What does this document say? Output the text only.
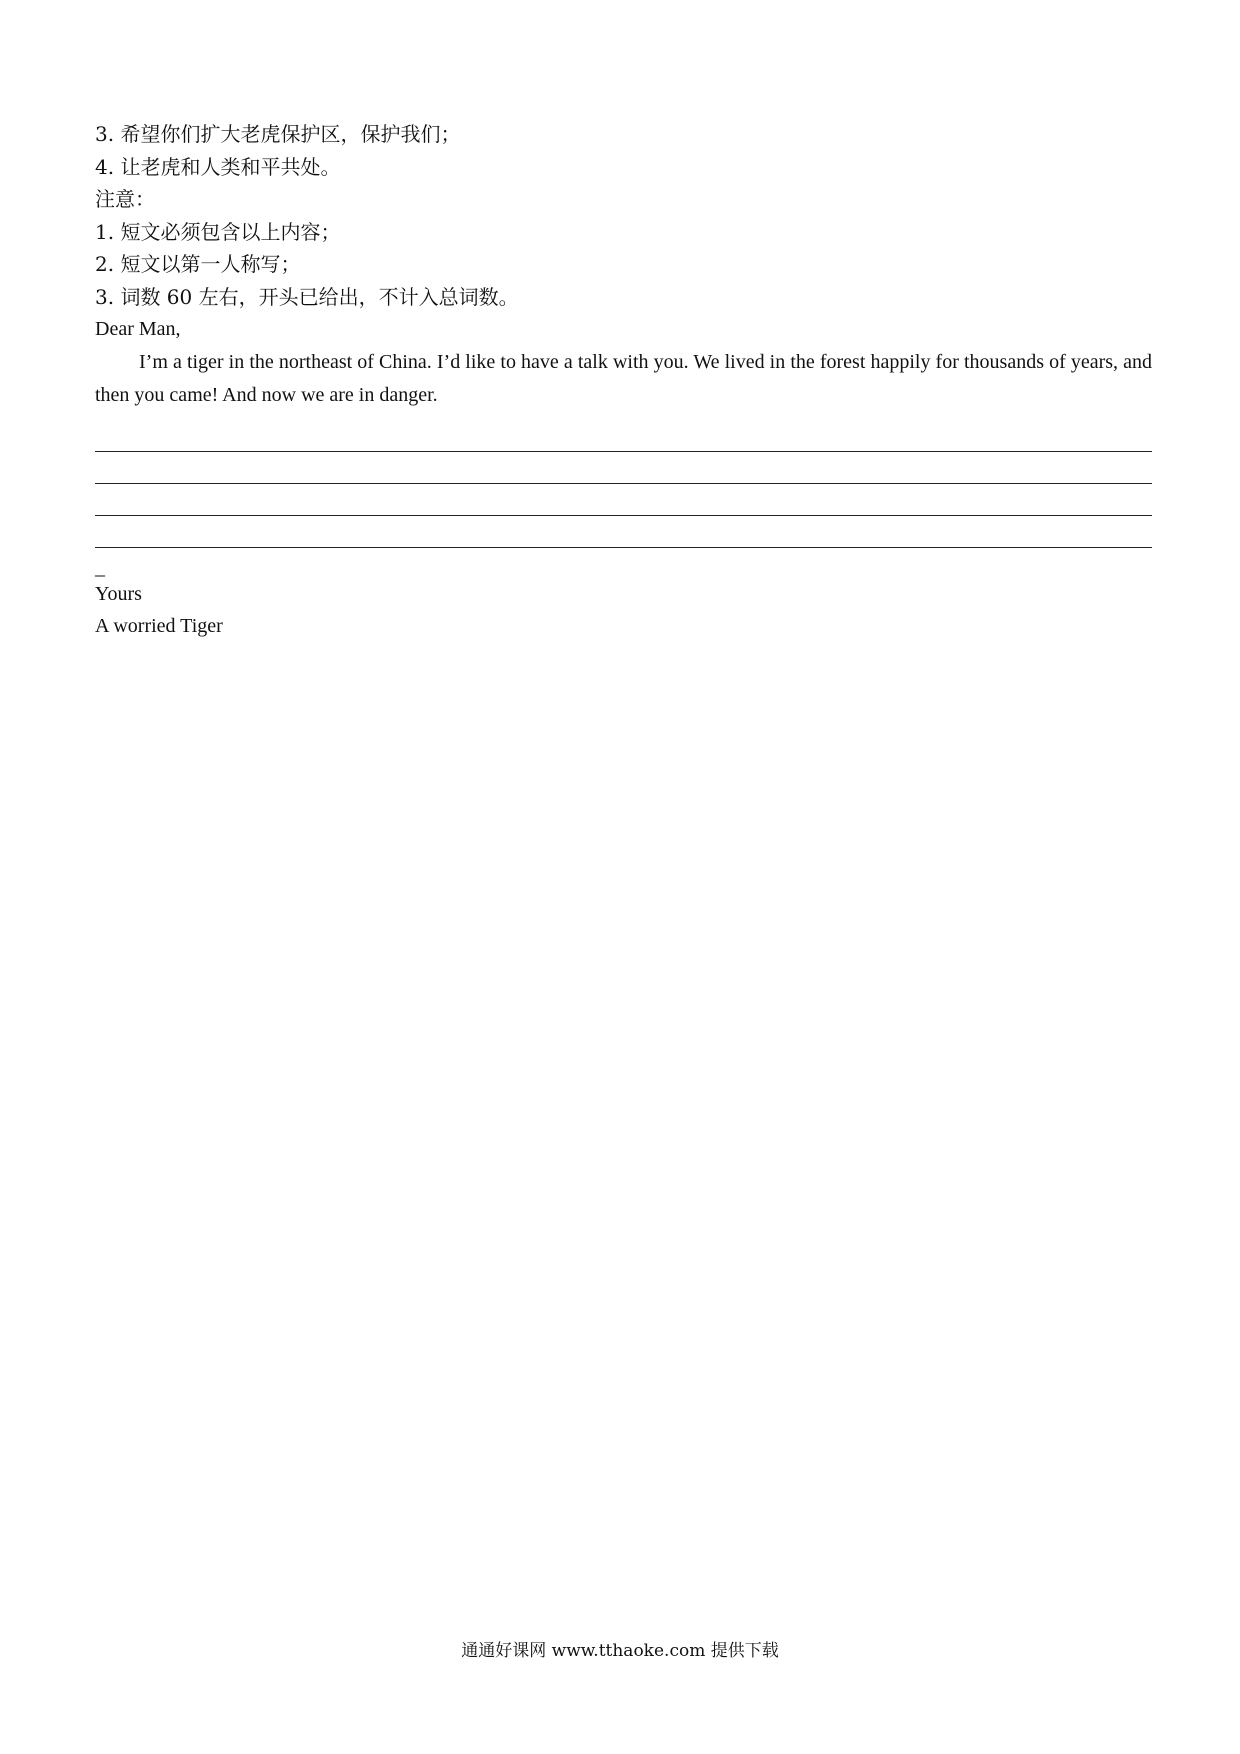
3. 希望你们扩大老虎保护区，保护我们；
4. 让老虎和人类和平共处。
注意：
1. 短文必须包含以上内容；
2. 短文以第一人称写；
3. 词数 60 左右，开头已给出，不计入总词数。
Dear Man,
I’m a tiger in the northeast of China. I’d like to have a talk with you. We lived in the forest happily for thousands of years, and then you came! And now we are in danger.
_
Yours
A worried Tiger
通通好课网 www.tthaoke.com 提供下载
